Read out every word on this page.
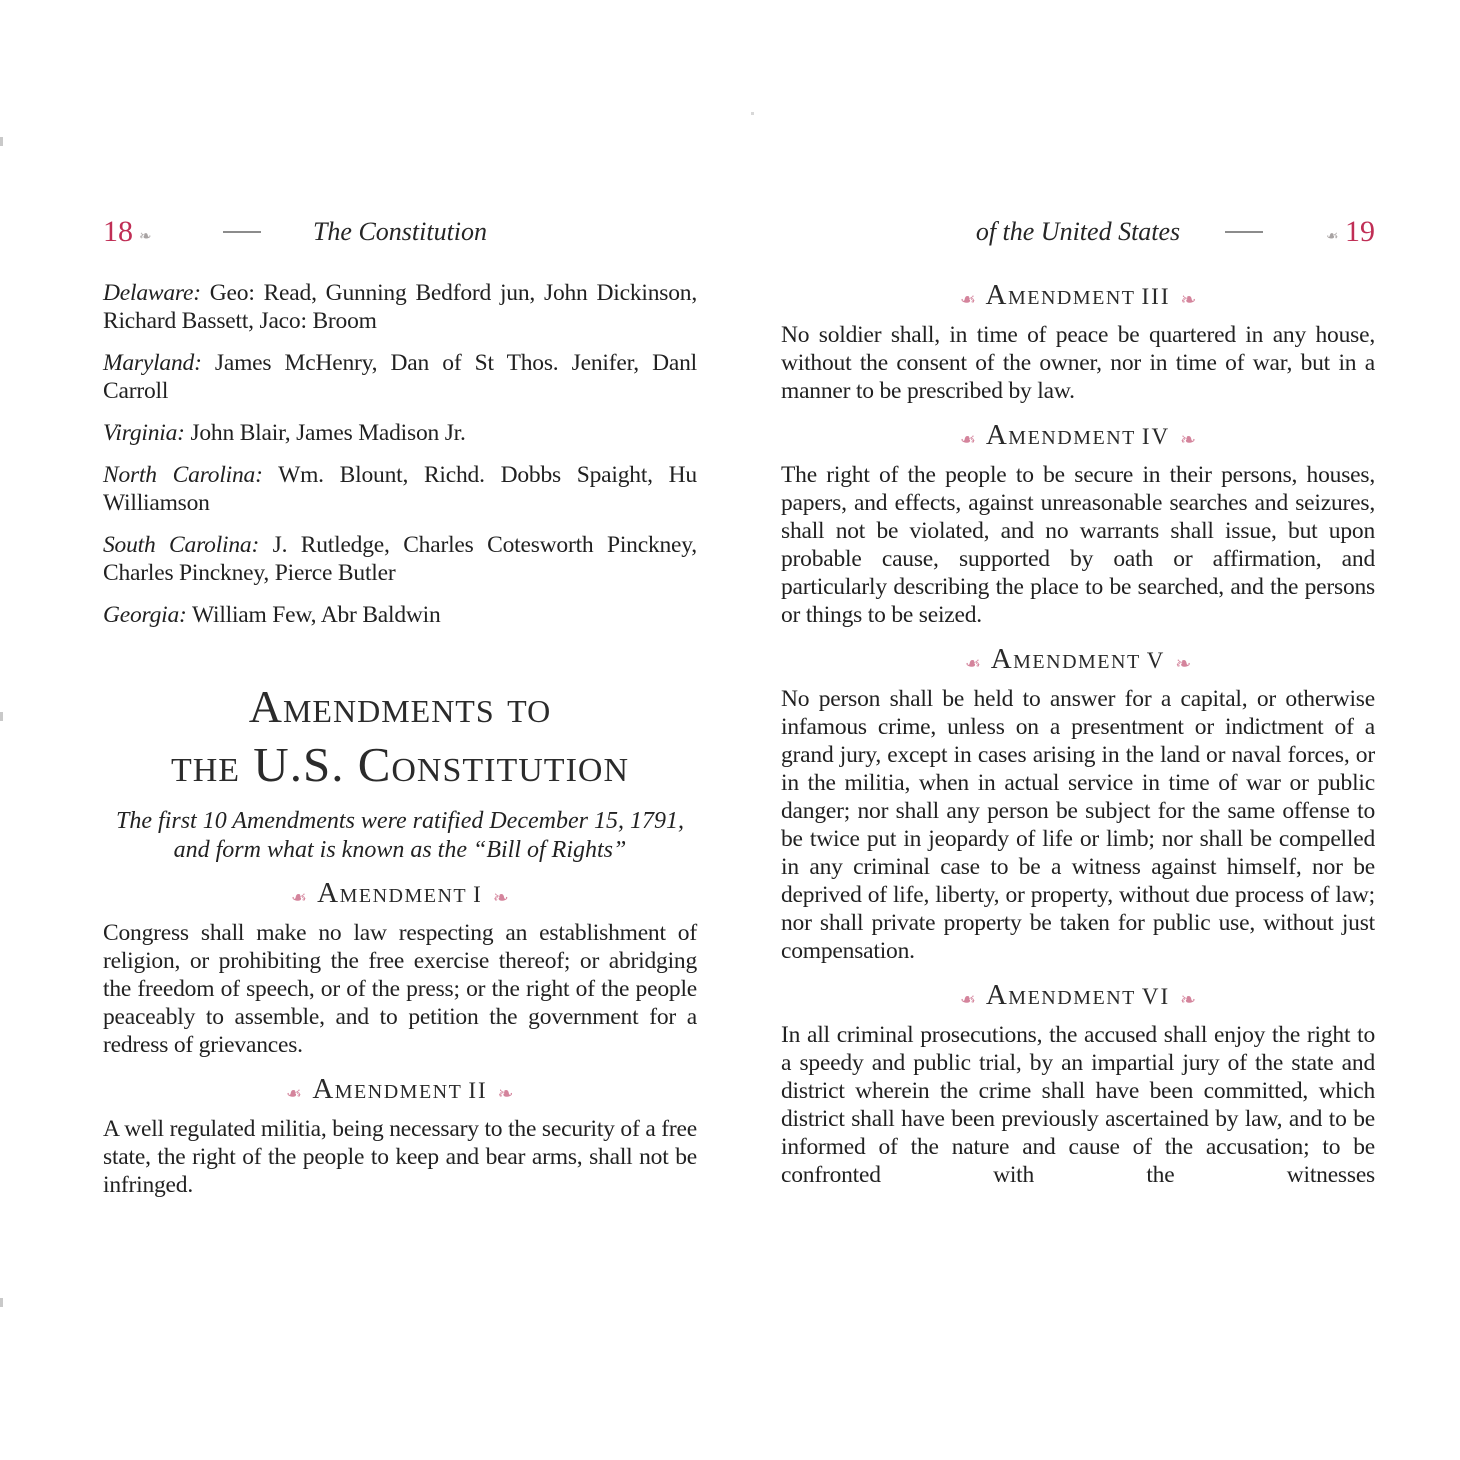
18 ❧	The Constitution

Delaware: Geo: Read, Gunning Bedford jun, John Dickinson, Richard Bassett, Jaco: Broom

Maryland: James McHenry, Dan of St Thos. Jenifer, Danl Carroll

Virginia: John Blair, James Madison Jr.

North Carolina: Wm. Blount, Richd. Dobbs Spaight, Hu Williamson

South Carolina: J. Rutledge, Charles Cotesworth Pinckney, Charles Pinckney, Pierce Butler

Georgia: William Few, Abr Baldwin

Amendments to
the U.S. Constitution
The first 10 Amendments were ratified December 15, 1791,
and form what is known as the “Bill of Rights”
❧ Amendment I ❧

Congress shall make no law respecting an establishment of religion, or prohibiting the free exercise thereof; or abridging the freedom of speech, or of the press; or the right of the people peaceably to assemble, and to petition the government for a redress of grievances.

❧ Amendment II ❧

A well regulated militia, being necessary to the security of a free state, the right of the people to keep and bear arms, shall not be infringed.

of the United States	❧ 19
❧ Amendment III ❧

No soldier shall, in time of peace be quartered in any house, without the consent of the owner, nor in time of war, but in a manner to be prescribed by law.

❧ Amendment IV ❧

The right of the people to be secure in their persons, houses, papers, and effects, against unreasonable searches and seizures, shall not be violated, and no warrants shall issue, but upon probable cause, supported by oath or affirmation, and particularly describing the place to be searched, and the persons or things to be seized.

❧ Amendment V ❧

No person shall be held to answer for a capital, or otherwise infamous crime, unless on a presentment or indictment of a grand jury, except in cases arising in the land or naval forces, or in the militia, when in actual service in time of war or public danger; nor shall any person be subject for the same offense to be twice put in jeopardy of life or limb; nor shall be compelled in any criminal case to be a witness against himself, nor be deprived of life, liberty, or property, without due process of law; nor shall private property be taken for public use, without just compensation.

❧ Amendment VI ❧

In all criminal prosecutions, the accused shall enjoy the right to a speedy and public trial, by an impartial jury of the state and district wherein the crime shall have been committed, which district shall have been previously ascertained by law, and to be informed of the nature and cause of the accusation; to be confronted with the witnesses
